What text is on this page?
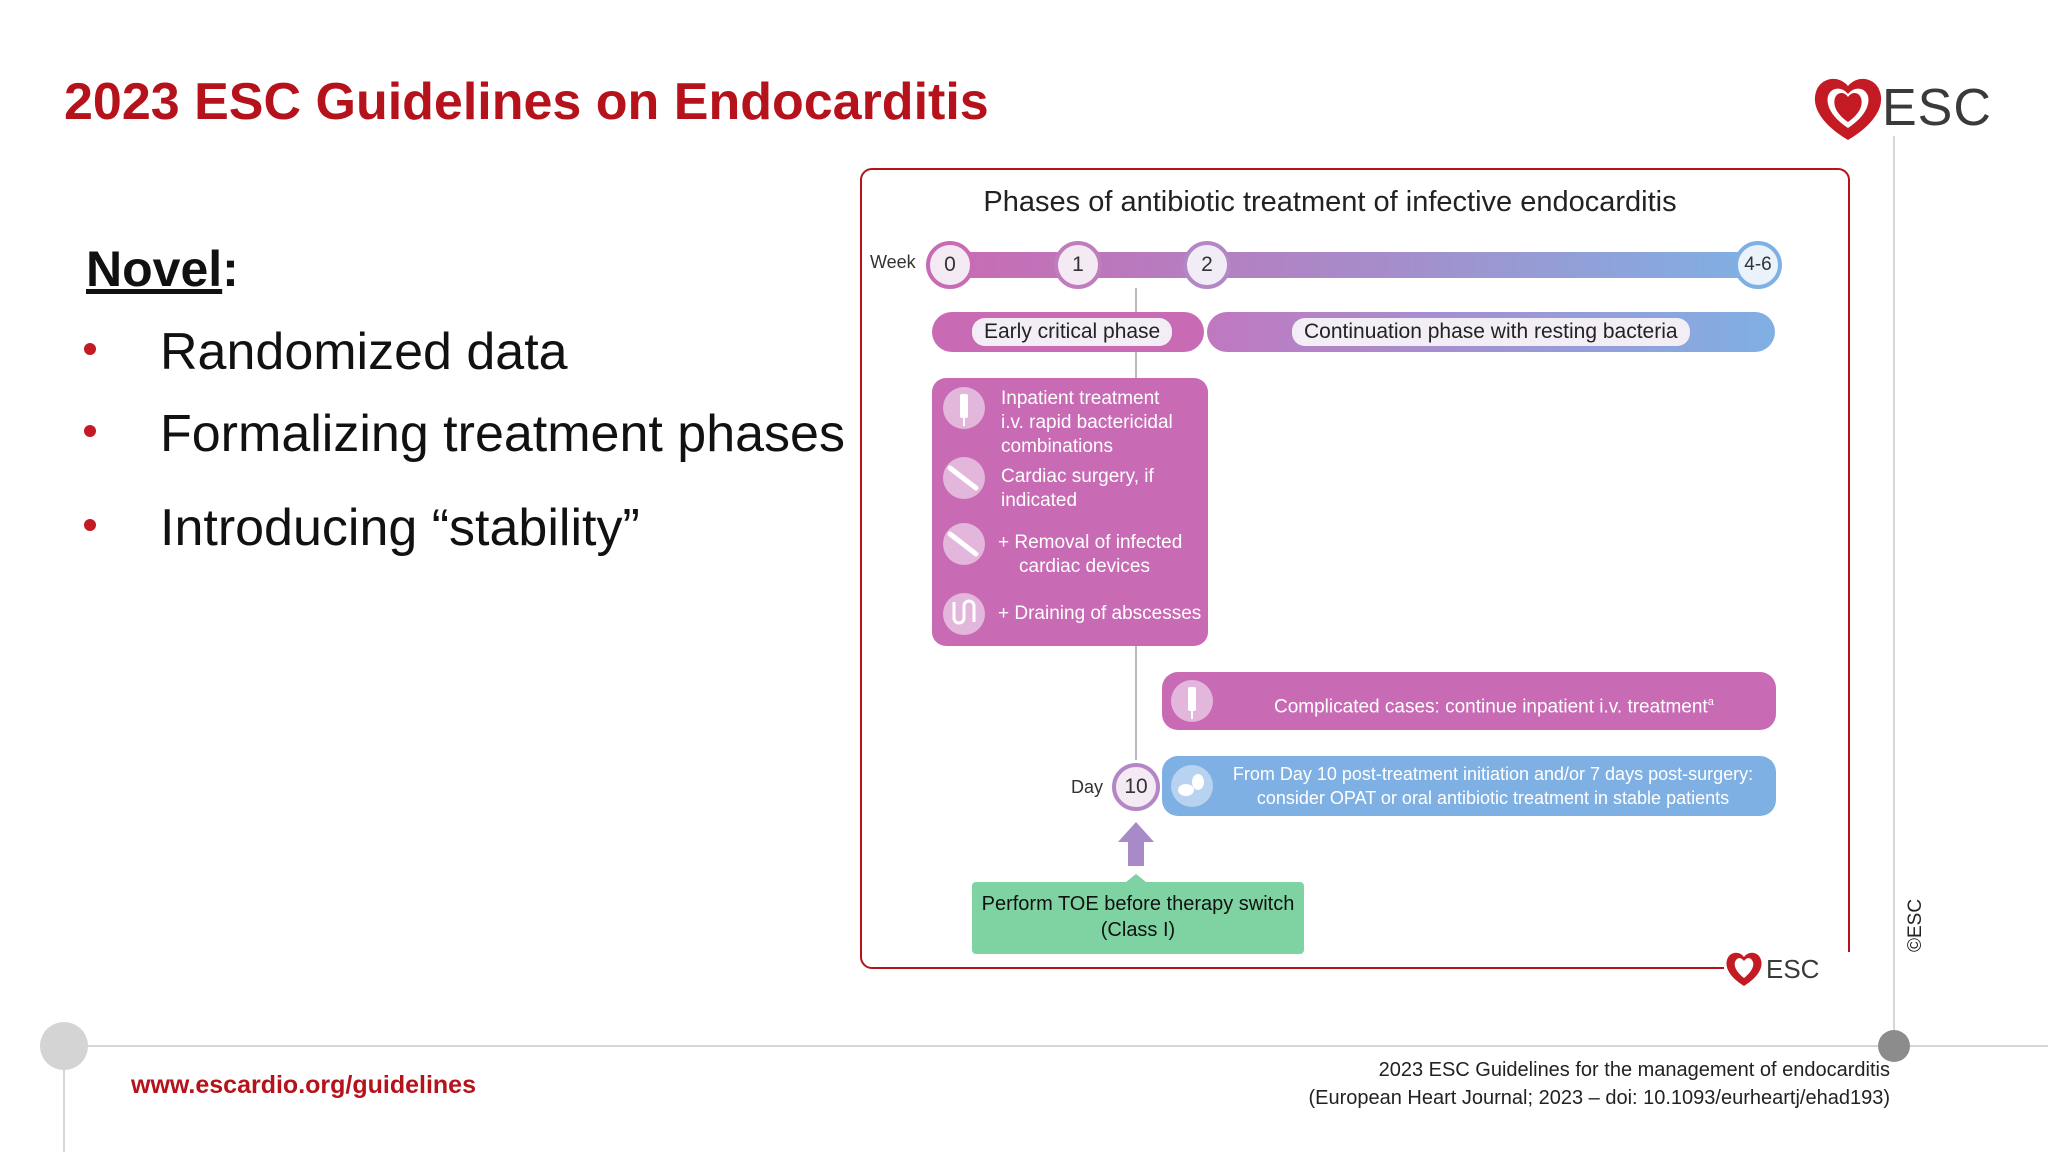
2023 ESC Guidelines on Endocarditis	ESC
Novel:
Randomized data
Formalizing treatment phases
Introducing “stability”
Phases of antibiotic treatment of infective endocarditis
Week	0	1	2	4-6
Early critical phase	Continuation phase with resting bacteria
Inpatient treatment
i.v. rapid bactericidal
combinations
Cardiac surgery, if
indicated
+ Removal of infected
cardiac devices
+ Draining of abscesses
Complicated cases: continue inpatient i.v. treatment$^a$
Day	10
From Day 10 post-treatment initiation and/or 7 days post-surgery:
consider OPAT or oral antibiotic treatment in stable patients
Perform TOE before therapy switch
(Class I)
ESC
©ESC
www.escardio.org/guidelines
2023 ESC Guidelines for the management of endocarditis
(European Heart Journal; 2023 – doi: 10.1093/eurheartj/ehad193)
